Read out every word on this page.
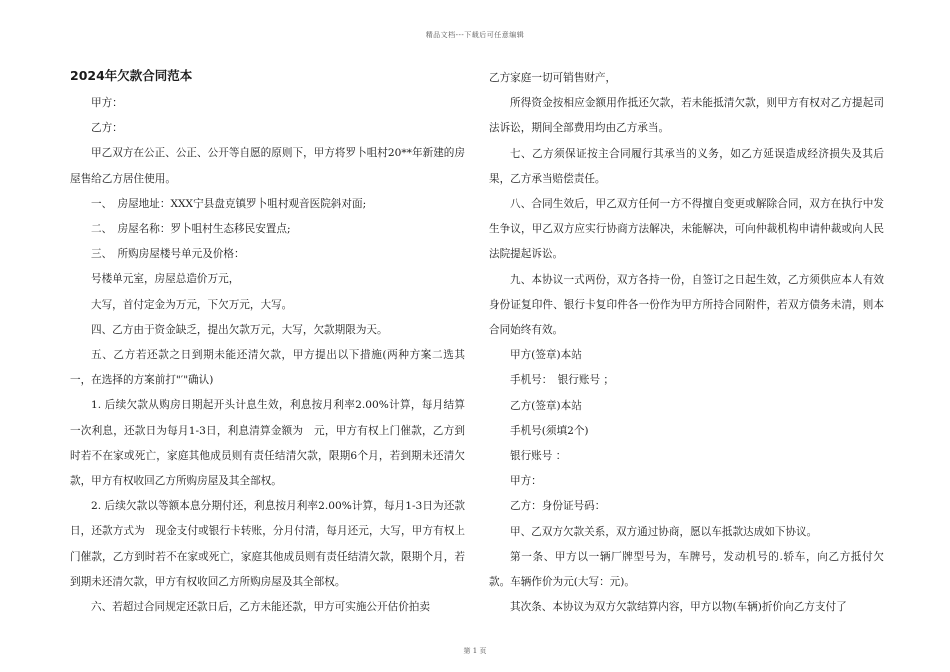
精品文档---下载后可任意编辑
2024年欠款合同范本

甲方：

乙方：

甲乙双方在公正、公正、公开等自愿的原则下，甲方将罗卜咀村20**年新建的房屋售给乙方居住使用。

一、　房屋地址：XXX宁县盘克镇罗卜咀村观音医院斜对面;

二、　房屋名称：罗卜咀村生态移民安置点;

三、　所购房屋楼号单元及价格：

号楼单元室，房屋总造价万元，

大写，首付定金为万元，下欠万元，大写。

四、乙方由于资金缺乏，提出欠款万元，大写，欠款期限为天。

五、乙方若还款之日到期未能还清欠款，甲方提出以下措施(两种方案二选其一，在选择的方案前打"′"确认)

1. 后续欠款从购房日期起开头计息生效，利息按月利率2.00%计算，每月结算一次利息，还款日为每月1-3日，利息清算金额为　元，甲方有权上门催款，乙方到时若不在家或死亡，家庭其他成员则有责任结清欠款，限期6个月，若到期未还清欠款，甲方有权收回乙方所购房屋及其全部权。

2. 后续欠款以等额本息分期付还，利息按月利率2.00%计算，每月1-3日为还款日，还款方式为　现金支付或银行卡转账，分月付清，每月还元，大写，甲方有权上门催款，乙方到时若不在家或死亡，家庭其他成员则有责任结清欠款，限期个月，若到期未还清欠款，甲方有权收回乙方所购房屋及其全部权。

六、若超过合同规定还款日后，乙方未能还款，甲方可实施公开估价拍卖

乙方家庭一切可销售财产，

所得资金按相应金额用作抵还欠款，若未能抵清欠款，则甲方有权对乙方提起司法诉讼，期间全部费用均由乙方承当。

七、乙方须保证按主合同履行其承当的义务，如乙方延误造成经济损失及其后果，乙方承当赔偿责任。

八、合同生效后，甲乙双方任何一方不得擅自变更或解除合同，双方在执行中发生争议，甲乙双方应实行协商方法解决，未能解决，可向仲裁机构申请仲裁或向人民法院提起诉讼。

九、本协议一式两份，双方各持一份，自签订之日起生效，乙方须供应本人有效身份证复印件、银行卡复印件各一份作为甲方所持合同附件，若双方债务未清，则本合同始终有效。

甲方(签章)本站

手机号：　银行账号 ；

乙方(签章)本站

手机号(须填2个)

银行账号 ：

甲方：

乙方：身份证号码：

甲、乙双方欠款关系，双方通过协商，愿以车抵款达成如下协议。

第一条、甲方以一辆厂牌型号为，车牌号，发动机号的.轿车，向乙方抵付欠款。车辆作价为元(大写：元)。

其次条、本协议为双方欠款结算内容，甲方以物(车辆)折价向乙方支付了

第 1 页
